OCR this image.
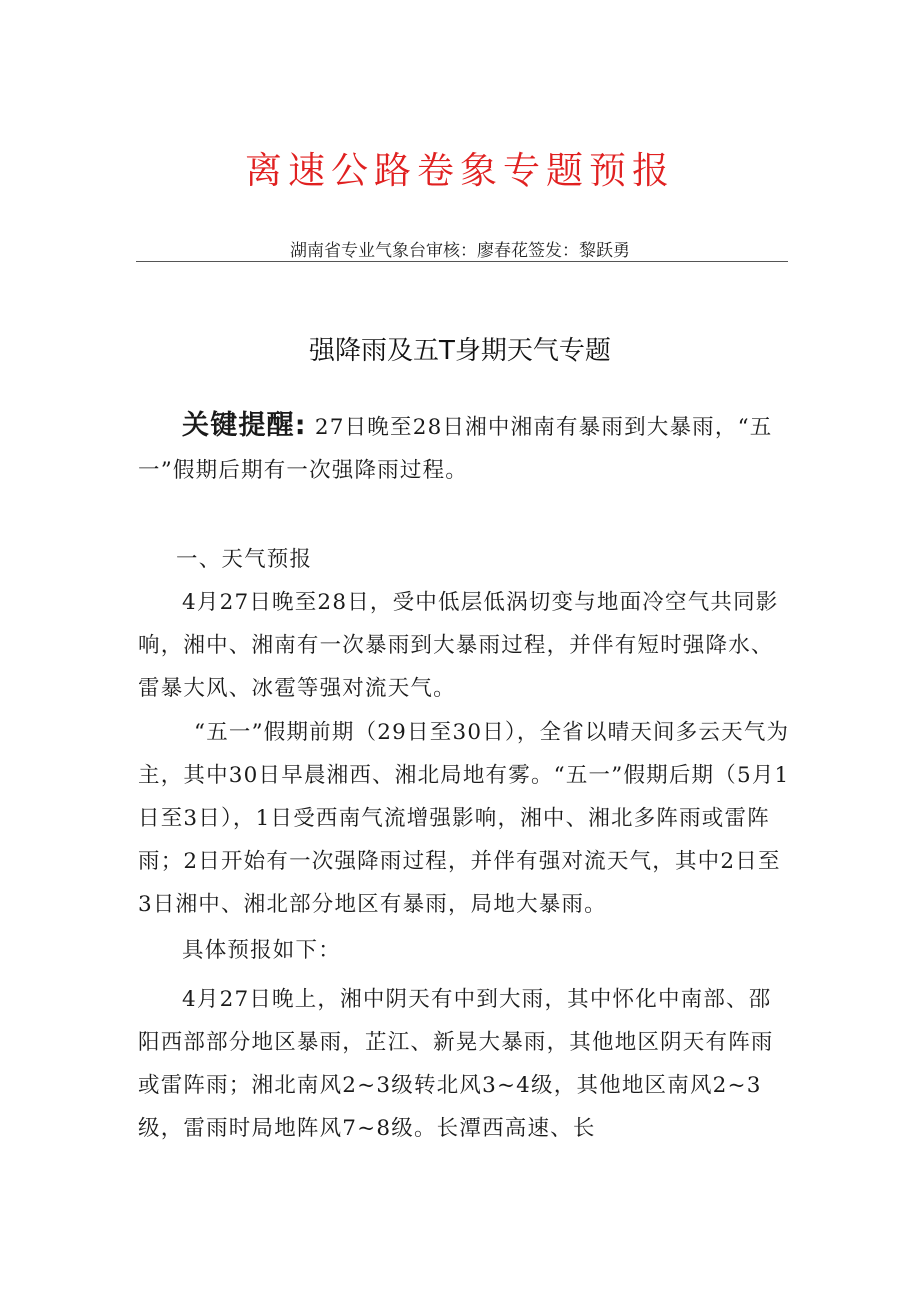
离速公路卷象专题预报
湖南省专业气象台审核：廖春花签发：黎跃勇
强降雨及五T身期天气专题

关键提醒: 27日晚至28日湘中湘南有暴雨到大暴雨，“五一”假期后期有一次强降雨过程。

一、天气预报

4月27日晚至28日，受中低层低涡切变与地面冷空气共同影响，湘中、湘南有一次暴雨到大暴雨过程，并伴有短时强降水、雷暴大风、冰雹等强对流天气。

“五一”假期前期（29日至30日），全省以晴天间多云天气为主，其中30日早晨湘西、湘北局地有雾。“五一”假期后期（5月1日至3日），1日受西南气流增强影响，湘中、湘北多阵雨或雷阵雨；2日开始有一次强降雨过程，并伴有强对流天气，其中2日至3日湘中、湘北部分地区有暴雨，局地大暴雨。

具体预报如下：

4月27日晚上，湘中阴天有中到大雨，其中怀化中南部、邵阳西部部分地区暴雨，芷江、新晃大暴雨，其他地区阴天有阵雨或雷阵雨；湘北南风2~3级转北风3~4级，其他地区南风2~3级，雷雨时局地阵风7~8级。长潭西高速、长
